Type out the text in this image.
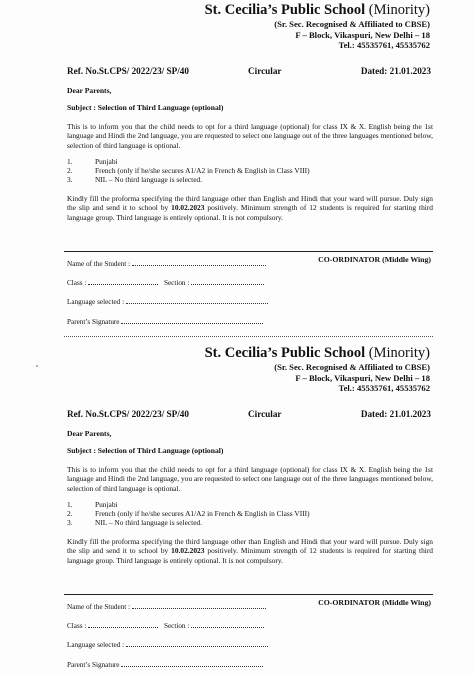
St. Cecilia’s Public School (Minority)
(Sr. Sec. Recognised & Affiliated to CBSE)
F – Block, Vikaspuri, New Delhi – 18
Tel.: 45535761, 45535762
Ref. No.St.CPS/ 2022/23/ SP/40	Circular	Dated: 21.01.2023
Dear Parents,
Subject : Selection of Third Language (optional)
This is to inform you that the child needs to opt for a third language (optional) for class IX & X. English being the 1st language and Hindi the 2nd language, you are requested to select one language out of the three languages mentioned below, selection of third language is optional.
1.	Punjabi
2.	French (only if he/she secures A1/A2 in French & English in Class VIII)
3.	NIL – No third language is selected.
Kindly fill the proforma specifying the third language other than English and Hindi that your ward will pursue. Duly sign the slip and send it to school by 10.02.2023 positively. Minimum strength of 12 students is required for starting third language group. Third language is entirely optional. It is not compulsory.
CO-ORDINATOR (Middle Wing)
Name of the Student :
Class :	Section :
Language selected :
Parent’s Signature
St. Cecilia’s Public School (Minority)
(Sr. Sec. Recognised & Affiliated to CBSE)
F – Block, Vikaspuri, New Delhi – 18
Tel.: 45535761, 45535762
Ref. No.St.CPS/ 2022/23/ SP/40	Circular	Dated: 21.01.2023
Dear Parents,
Subject : Selection of Third Language (optional)
This is to inform you that the child needs to opt for a third language (optional) for class IX & X. English being the 1st language and Hindi the 2nd language, you are requested to select one language out of the three languages mentioned below, selection of third language is optional.
1.	Punjabi
2.	French (only if he/she secures A1/A2 in French & English in Class VIII)
3.	NIL – No third language is selected.
Kindly fill the proforma specifying the third language other than English and Hindi that your ward will pursue. Duly sign the slip and send it to school by 10.02.2023 positively. Minimum strength of 12 students is required for starting third language group. Third language is entirely optional. It is not compulsory.
CO-ORDINATOR (Middle Wing)
Name of the Student :
Class :	Section :
Language selected :
Parent’s Signature
